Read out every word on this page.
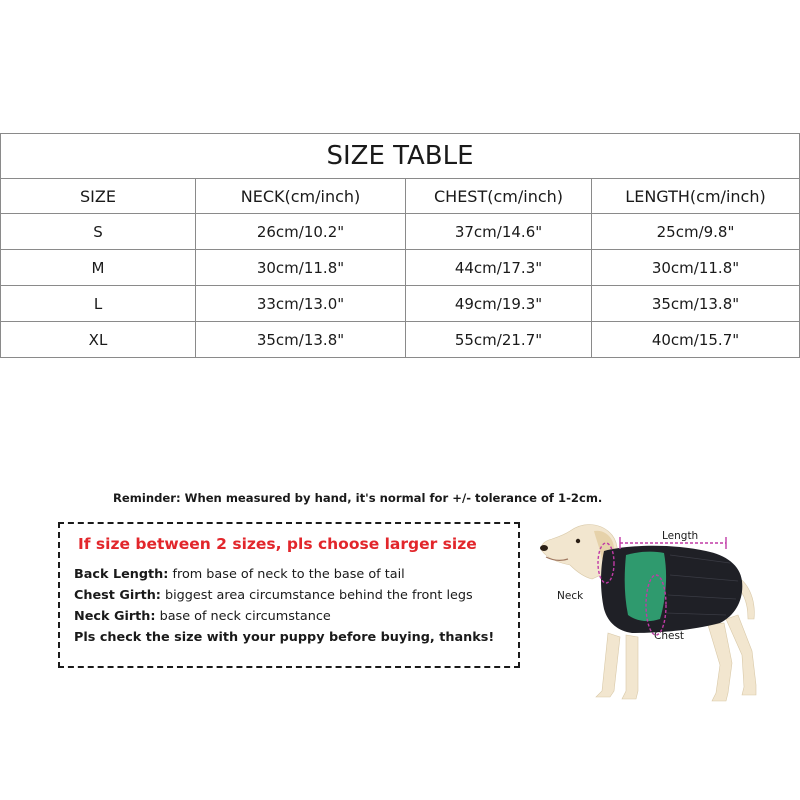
SIZE TABLE			
SIZE	NECK(cm/inch)	CHEST(cm/inch)	LENGTH(cm/inch)
S	26cm/10.2"	37cm/14.6"	25cm/9.8"
M	30cm/11.8"	44cm/17.3"	30cm/11.8"
L	33cm/13.0"	49cm/19.3"	35cm/13.8"
XL	35cm/13.8"	55cm/21.7"	40cm/15.7"
Reminder: When measured by hand, it's normal for +/- tolerance of 1-2cm.
If size between 2 sizes, pls choose larger size
Back Length: from base of neck to the base of tail
Chest Girth: biggest area circumstance behind the front legs
Neck Girth: base of neck circumstance
Pls check the size with your puppy before buying, thanks!
Length
Neck
Chest
